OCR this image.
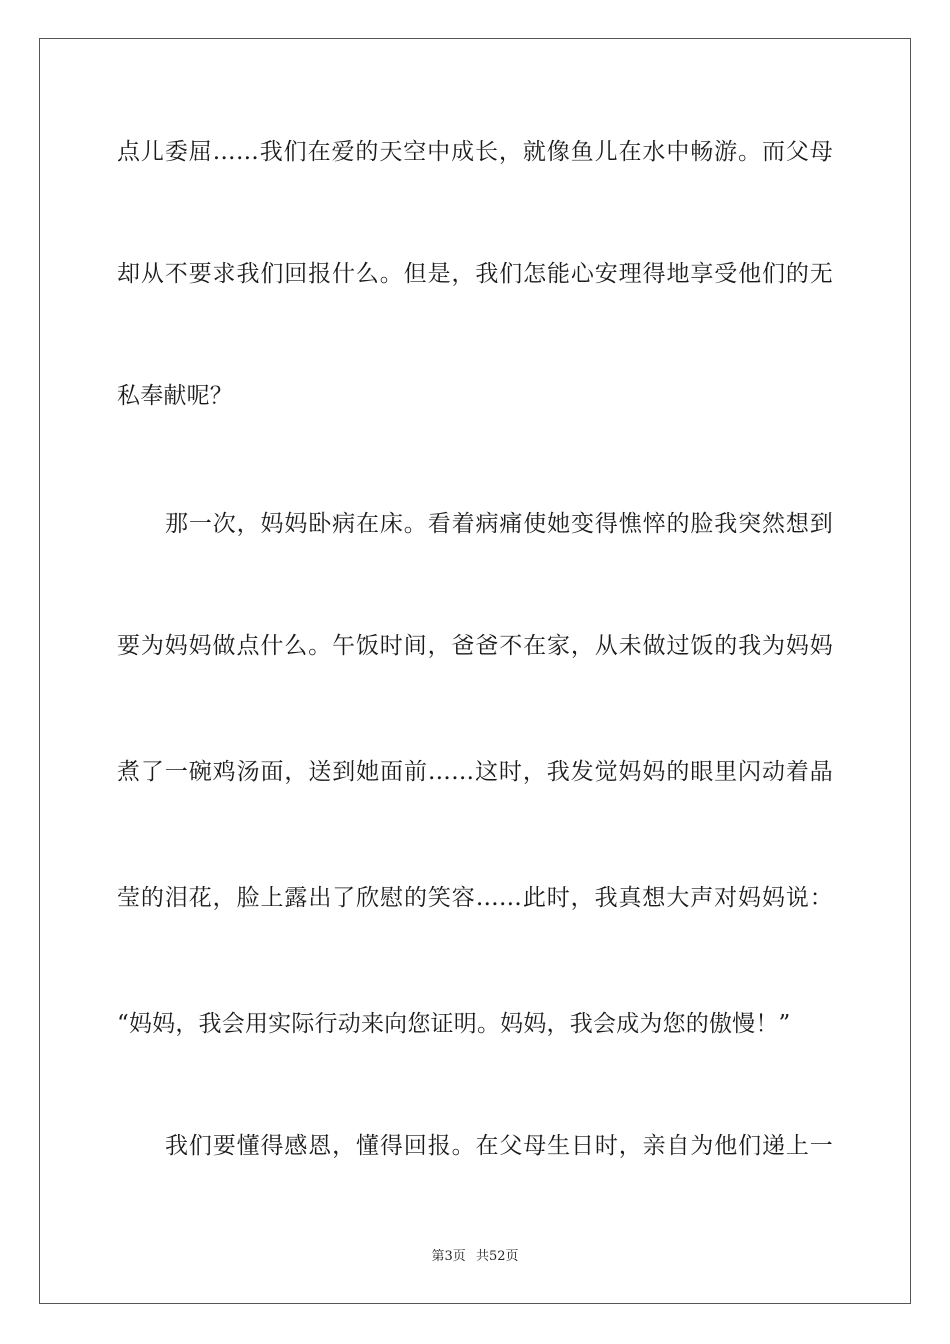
点儿委屈……我们在爱的天空中成长，就像鱼儿在水中畅游。而父母
却从不要求我们回报什么。但是，我们怎能心安理得地享受他们的无
私奉献呢？
那一次，妈妈卧病在床。看着病痛使她变得憔悴的脸我突然想到
要为妈妈做点什么。午饭时间，爸爸不在家，从未做过饭的我为妈妈
煮了一碗鸡汤面，送到她面前……这时，我发觉妈妈的眼里闪动着晶
莹的泪花，脸上露出了欣慰的笑容……此时，我真想大声对妈妈说：
“妈妈，我会用实际行动来向您证明。妈妈，我会成为您的傲慢！”
我们要懂得感恩，懂得回报。在父母生日时，亲自为他们递上一
第3页 共52页
